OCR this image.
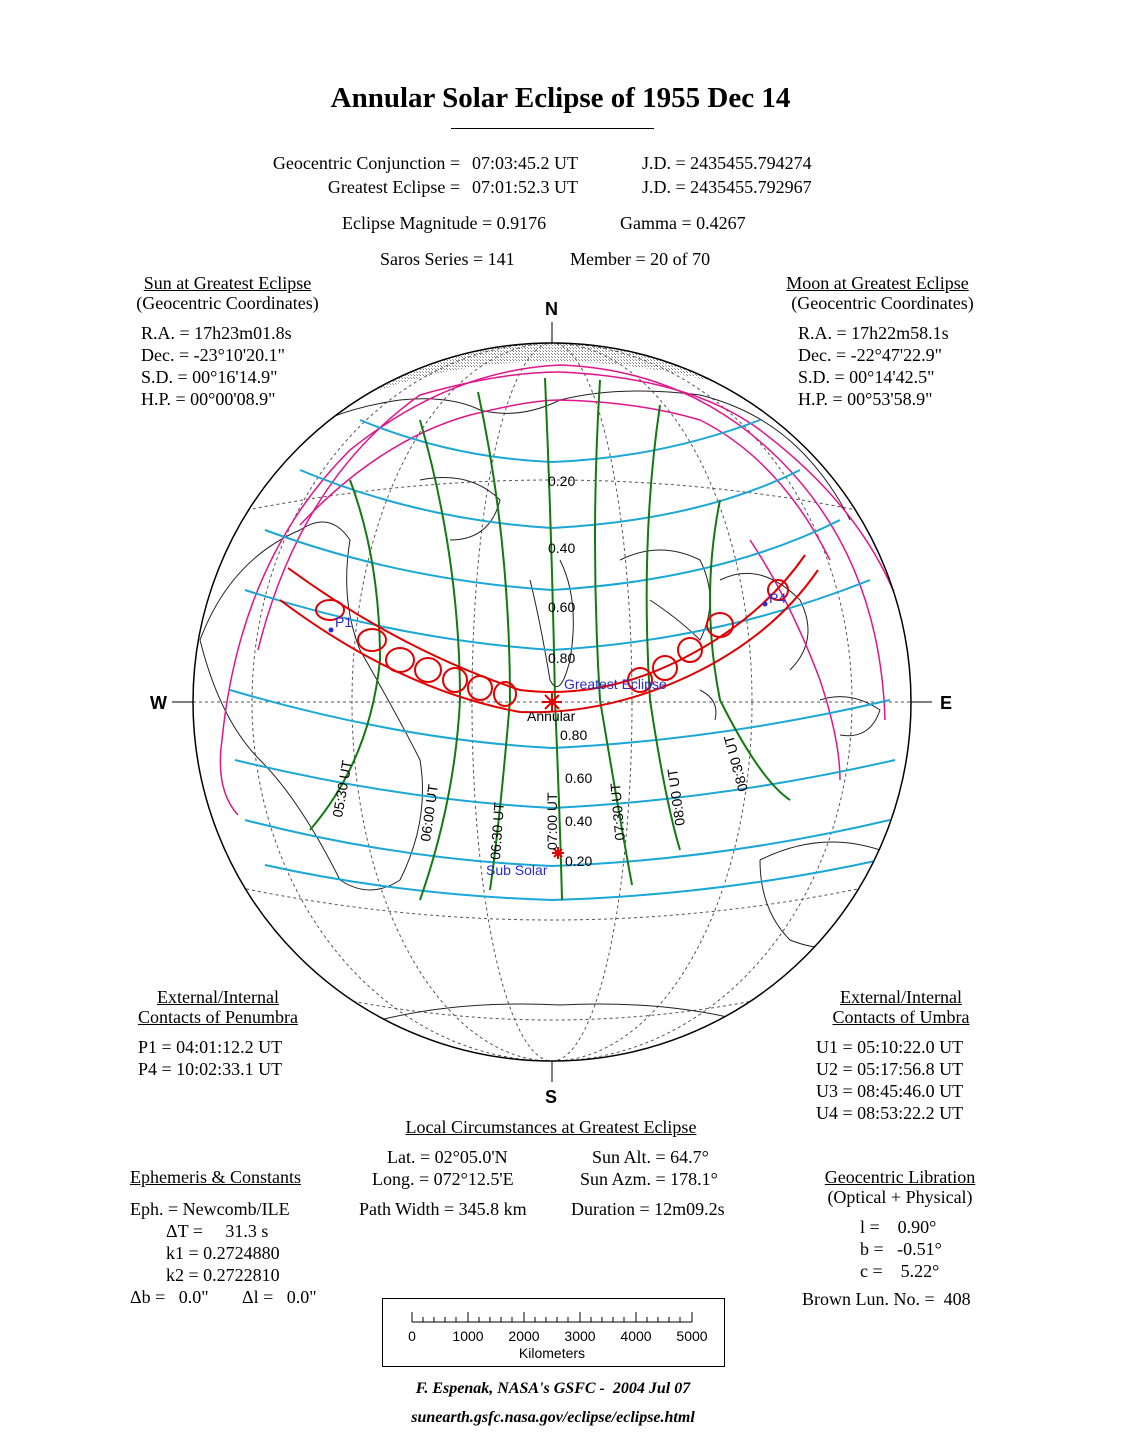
N
S
W	E
Greatest Eclipse
Annular
Sub Solar
P1
P4
0.20
0.40
0.60
0.80
0.80
0.60
0.40
0.20
05:30 UT	06:00 UT	06:30 UT	07:00 UT	07:30 UT	08:00 UT
08:30 UT
Annular Solar Eclipse of 1955 Dec 14
Geocentric Conjunction = 07:03:45.2 UT	J.D. = 2435455.794274
Greatest Eclipse = 07:01:52.3 UT	J.D. = 2435455.792967
Eclipse Magnitude = 0.9176	Gamma = 0.4267
Saros Series = 141	Member = 20 of 70
Sun at Greatest Eclipse
(Geocentric Coordinates)
R.A. = 17h23m01.8s
Dec. = -23°10'20.1"
S.D. = 00°16'14.9"
H.P. = 00°00'08.9"
Moon at Greatest Eclipse
(Geocentric Coordinates)
R.A. = 17h22m58.1s
Dec. = -22°47'22.9"
S.D. = 00°14'42.5"
H.P. = 00°53'58.9"
External/Internal
Contacts of Penumbra
P1 = 04:01:12.2 UT
P4 = 10:02:33.1 UT
External/Internal
Contacts of Umbra
U1 = 05:10:22.0 UT
U2 = 05:17:56.8 UT
U3 = 08:45:46.0 UT
U4 = 08:53:22.2 UT
Local Circumstances at Greatest Eclipse
Lat. = 02°05.0'N	Sun Alt. = 64.7°
Long. = 072°12.5'E	Sun Azm. = 178.1°
Path Width = 345.8 km Duration = 12m09.2s
Ephemeris & Constants
Eph. = Newcomb/ILE
ΔT =     31.3 s
k1 = 0.2724880
k2 = 0.2722810
Δb =   0.0" Δl =   0.0"
Geocentric Libration
(Optical + Physical)
l =    0.90°
b =   -0.51°
c =    5.22°
Brown Lun. No. =  408
0	1000 2000 3000 4000 5000
Kilometers
F. Espenak, NASA's GSFC -  2004 Jul 07
sunearth.gsfc.nasa.gov/eclipse/eclipse.html
